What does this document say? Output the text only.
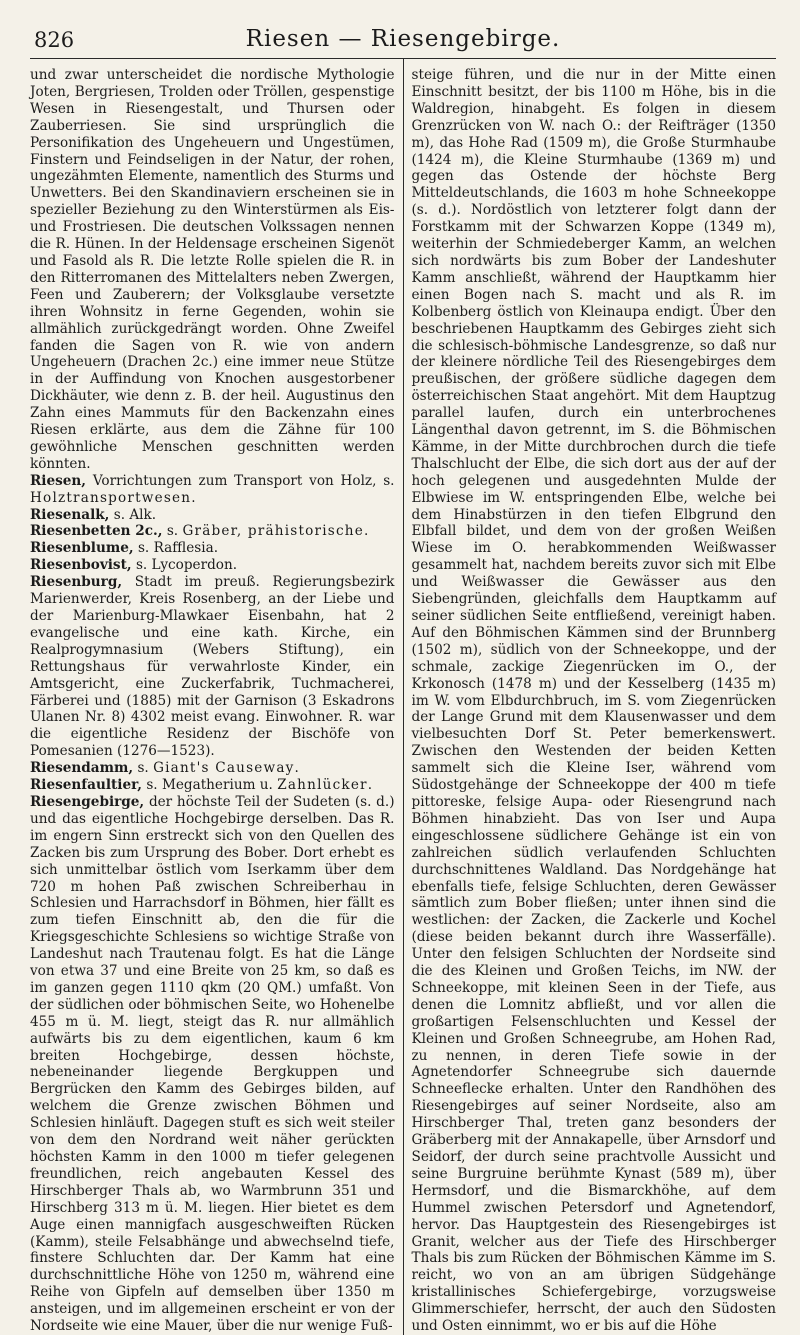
826	Riesen — Riesengebirge.

und zwar unterscheidet die nordische Mythologie Joten, Bergriesen, Trolden oder Tröllen, gespenstige Wesen in Riesengestalt, und Thursen oder Zauberriesen. Sie sind ursprünglich die Personifikation des Ungeheuern und Ungestümen, Finstern und Feindseligen in der Natur, der rohen, ungezähmten Elemente, namentlich des Sturms und Unwetters. Bei den Skandinaviern erscheinen sie in spezieller Beziehung zu den Winterstürmen als Eis- und Frostriesen. Die deutschen Volkssagen nennen die R. Hünen. In der Heldensage erscheinen Sigenöt und Fasold als R. Die letzte Rolle spielen die R. in den Ritterromanen des Mittelalters neben Zwergen, Feen und Zauberern; der Volksglaube versetzte ihren Wohnsitz in ferne Gegenden, wohin sie allmählich zurückgedrängt worden. Ohne Zweifel fanden die Sagen von R. wie von andern Ungeheuern (Drachen 2c.) eine immer neue Stütze in der Auffindung von Knochen ausgestorbener Dickhäuter, wie denn z. B. der heil. Augustinus den Zahn eines Mammuts für den Backenzahn eines Riesen erklärte, aus dem die Zähne für 100 gewöhnliche Menschen geschnitten werden könnten.

Riesen, Vorrichtungen zum Transport von Holz, s. Holztransportwesen.

Riesenalk, s. Alk.

Riesenbetten 2c., s. Gräber, prähistorische.

Riesenblume, s. Rafflesia.

Riesenbovist, s. Lycoperdon.

Riesenburg, Stadt im preuß. Regierungsbezirk Marienwerder, Kreis Rosenberg, an der Liebe und der Marienburg-Mlawkaer Eisenbahn, hat 2 evangelische und eine kath. Kirche, ein Realprogymnasium (Webers Stiftung), ein Rettungshaus für verwahrloste Kinder, ein Amtsgericht, eine Zuckerfabrik, Tuchmacherei, Färberei und (1885) mit der Garnison (3 Eskadrons Ulanen Nr. 8) 4302 meist evang. Einwohner. R. war die eigentliche Residenz der Bischöfe von Pomesanien (1276—1523).

Riesendamm, s. Giant's Causeway.

Riesenfaultier, s. Megatherium u. Zahnlücker.

Riesengebirge, der höchste Teil der Sudeten (s. d.) und das eigentliche Hochgebirge derselben. Das R. im engern Sinn erstreckt sich von den Quellen des Zacken bis zum Ursprung des Bober. Dort erhebt es sich unmittelbar östlich vom Iserkamm über dem 720 m hohen Paß zwischen Schreiberhau in Schlesien und Harrachsdorf in Böhmen, hier fällt es zum tiefen Einschnitt ab, den die für die Kriegsgeschichte Schlesiens so wichtige Straße von Landeshut nach Trautenau folgt. Es hat die Länge von etwa 37 und eine Breite von 25 km, so daß es im ganzen gegen 1110 qkm (20 QM.) umfaßt. Von der südlichen oder böhmischen Seite, wo Hohenelbe 455 m ü. M. liegt, steigt das R. nur allmählich aufwärts bis zu dem eigentlichen, kaum 6 km breiten Hochgebirge, dessen höchste, nebeneinander liegende Bergkuppen und Bergrücken den Kamm des Gebirges bilden, auf welchem die Grenze zwischen Böhmen und Schlesien hinläuft. Dagegen stuft es sich weit steiler von dem den Nordrand weit näher gerückten höchsten Kamm in den 1000 m tiefer gelegenen freundlichen, reich angebauten Kessel des Hirschberger Thals ab, wo Warmbrunn 351 und Hirschberg 313 m ü. M. liegen. Hier bietet es dem Auge einen mannigfach ausgeschweiften Rücken (Kamm), steile Felsabhänge und abwechselnd tiefe, finstere Schluchten dar. Der Kamm hat eine durchschnittliche Höhe von 1250 m, während eine Reihe von Gipfeln auf demselben über 1350 m ansteigen, und im allgemeinen erscheint er von der Nordseite wie eine Mauer, über die nur wenige Fuß-

steige führen, und die nur in der Mitte einen Einschnitt besitzt, der bis 1100 m Höhe, bis in die Waldregion, hinabgeht. Es folgen in diesem Grenzrücken von W. nach O.: der Reifträger (1350 m), das Hohe Rad (1509 m), die Große Sturmhaube (1424 m), die Kleine Sturmhaube (1369 m) und gegen das Ostende der höchste Berg Mitteldeutschlands, die 1603 m hohe Schneekoppe (s. d.). Nordöstlich von letzterer folgt dann der Forstkamm mit der Schwarzen Koppe (1349 m), weiterhin der Schmiedeberger Kamm, an welchen sich nordwärts bis zum Bober der Landeshuter Kamm anschließt, während der Hauptkamm hier einen Bogen nach S. macht und als R. im Kolbenberg östlich von Kleinaupa endigt. Über den beschriebenen Hauptkamm des Gebirges zieht sich die schlesisch-böhmische Landesgrenze, so daß nur der kleinere nördliche Teil des Riesengebirges dem preußischen, der größere südliche dagegen dem österreichischen Staat angehört. Mit dem Hauptzug parallel laufen, durch ein unterbrochenes Längenthal davon getrennt, im S. die Böhmischen Kämme, in der Mitte durchbrochen durch die tiefe Thalschlucht der Elbe, die sich dort aus der auf der hoch gelegenen und ausgedehnten Mulde der Elbwiese im W. entspringenden Elbe, welche bei dem Hinabstürzen in den tiefen Elbgrund den Elbfall bildet, und dem von der großen Weißen Wiese im O. herabkommenden Weißwasser gesammelt hat, nachdem bereits zuvor sich mit Elbe und Weißwasser die Gewässer aus den Siebengründen, gleichfalls dem Hauptkamm auf seiner südlichen Seite entfließend, vereinigt haben. Auf den Böhmischen Kämmen sind der Brunnberg (1502 m), südlich von der Schneekoppe, und der schmale, zackige Ziegenrücken im O., der Krkonosch (1478 m) und der Kesselberg (1435 m) im W. vom Elbdurchbruch, im S. vom Ziegenrücken der Lange Grund mit dem Klausenwasser und dem vielbesuchten Dorf St. Peter bemerkenswert. Zwischen den Westenden der beiden Ketten sammelt sich die Kleine Iser, während vom Südostgehänge der Schneekoppe der 400 m tiefe pittoreske, felsige Aupa- oder Riesengrund nach Böhmen hinabzieht. Das von Iser und Aupa eingeschlossene südlichere Gehänge ist ein von zahlreichen südlich verlaufenden Schluchten durchschnittenes Waldland. Das Nordgehänge hat ebenfalls tiefe, felsige Schluchten, deren Gewässer sämtlich zum Bober fließen; unter ihnen sind die westlichen: der Zacken, die Zackerle und Kochel (diese beiden bekannt durch ihre Wasserfälle). Unter den felsigen Schluchten der Nordseite sind die des Kleinen und Großen Teichs, im NW. der Schneekoppe, mit kleinen Seen in der Tiefe, aus denen die Lomnitz abfließt, und vor allen die großartigen Felsenschluchten und Kessel der Kleinen und Großen Schneegrube, am Hohen Rad, zu nennen, in deren Tiefe sowie in der Agnetendorfer Schneegrube sich dauernde Schneeflecke erhalten. Unter den Randhöhen des Riesengebirges auf seiner Nordseite, also am Hirschberger Thal, treten ganz besonders der Gräberberg mit der Annakapelle, über Arnsdorf und Seidorf, der durch seine prachtvolle Aussicht und seine Burgruine berühmte Kynast (589 m), über Hermsdorf, und die Bismarckhöhe, auf dem Hummel zwischen Petersdorf und Agnetendorf, hervor. Das Hauptgestein des Riesengebirges ist Granit, welcher aus der Tiefe des Hirschberger Thals bis zum Rücken der Böhmischen Kämme im S. reicht, wo von an am übrigen Südgehänge kristallinisches Schiefergebirge, vorzugsweise Glimmerschiefer, herrscht, der auch den Südosten und Osten einnimmt, wo er bis auf die Höhe
